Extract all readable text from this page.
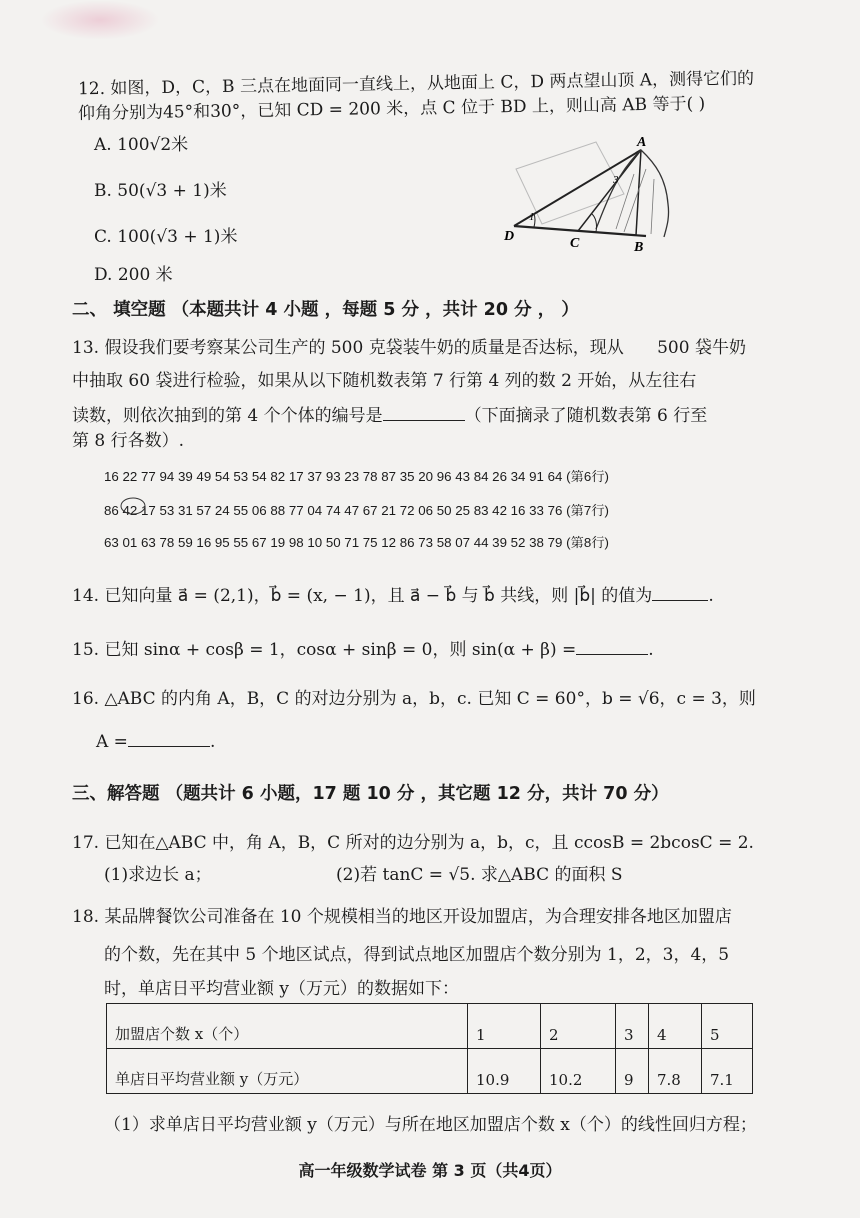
12. 如图，D，C，B 三点在地面同一直线上，从地面上 C，D 两点望山顶 A，测得它们的
仰角分别为45°和30°，已知 CD = 200 米，点 C 位于 BD 上，则山高 AB 等于( )
A. 100√2米
B. 50(√3 + 1)米
C. 100(√3 + 1)米
D. 200 米
1
3
A
D	C	B
二、 填空题 （本题共计 4 小题 ，每题 5 分 ，共计 20 分 ， ）
13. 假设我们要考察某公司生产的 500 克袋装牛奶的质量是否达标，现从 500 袋牛奶
中抽取 60 袋进行检验，如果从以下随机数表第 7 行第 4 列的数 2 开始，从左往右
读数，则依次抽到的第 4 个个体的编号是	（下面摘录了随机数表第 6 行至
第 8 行各数）.
16 22 77 94 39 49 54 53 54 82 17 37 93 23 78 87 35 20 96 43 84 26 34 91 64 (第6行)
86 42 17 53 31 57 24 55 06 88 77 04 74 47 67 21 72 06 50 25 83 42 16 33 76 (第7行)
63 01 63 78 59 16 95 55 67 19 98 10 50 71 75 12 86 73 58 07 44 39 52 38 79 (第8行)
14. 已知向量 a⃗ = (2,1)，b⃗ = (x, − 1)，且 a⃗ − b⃗ 与 b⃗ 共线，则 |b⃗| 的值为	.
15. 已知 sinα + cosβ = 1，cosα + sinβ = 0，则 sin(α + β) =	.
16. △ABC 的内角 A，B，C 的对边分别为 a，b，c. 已知 C = 60°，b = √6，c = 3，则
A =	.
三、解答题 （题共计 6 小题，17 题 10 分 ，其它题 12 分，共计 70 分）
17. 已知在△ABC 中，角 A，B，C 所对的边分别为 a，b，c，且 ccosB = 2bcosC = 2.
(1)求边长 a；	(2)若 tanC = √5. 求△ABC 的面积 S
18. 某品牌餐饮公司准备在 10 个规模相当的地区开设加盟店，为合理安排各地区加盟店
的个数，先在其中 5 个地区试点，得到试点地区加盟店个数分别为 1，2，3，4，5
时，单店日平均营业额 y（万元）的数据如下：
加盟店个数 x（个）	1	2	3	4	5
单店日平均营业额 y（万元）	10.9	10.2	9	7.8	7.1
（1）求单店日平均营业额 y（万元）与所在地区加盟店个数 x（个）的线性回归方程；
高一年级数学试卷 第 3 页（共4页）
